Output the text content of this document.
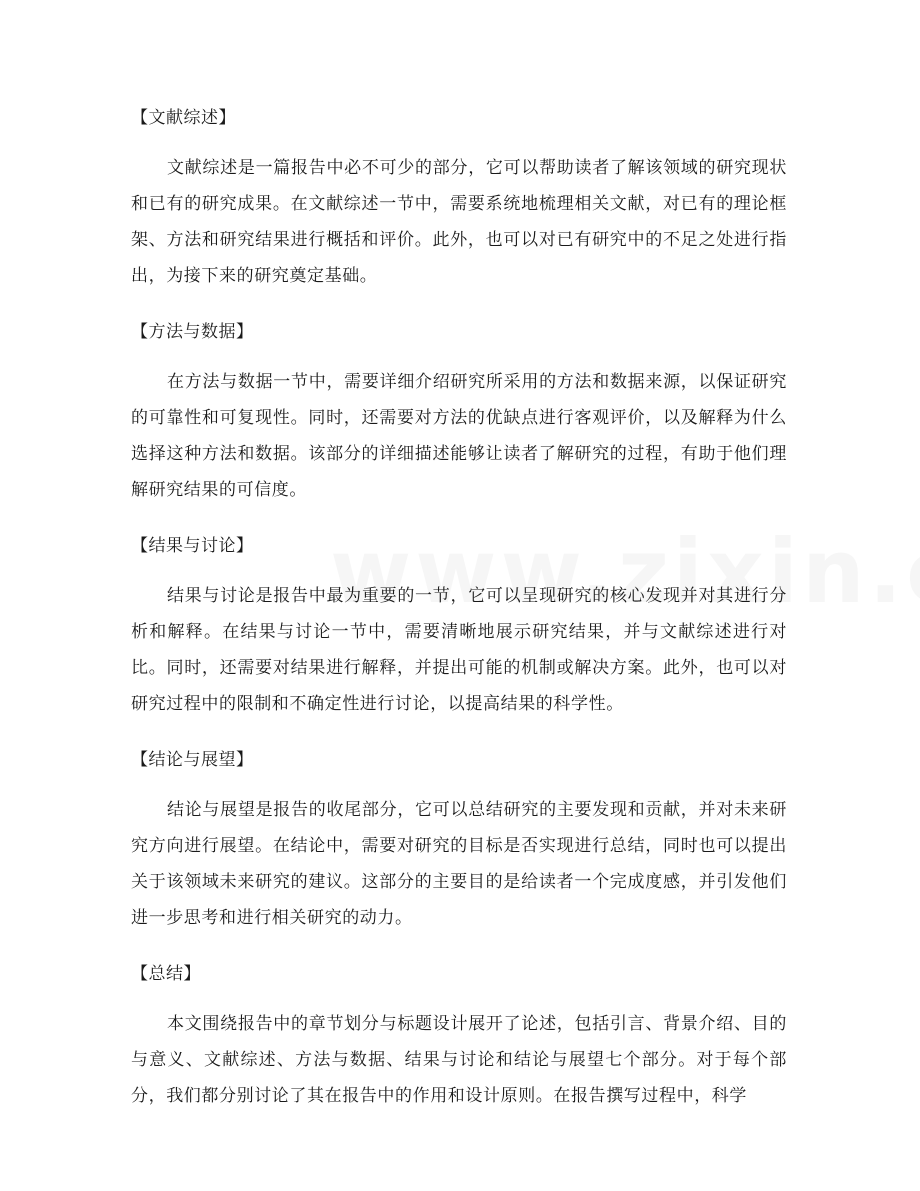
【文献综述】

文献综述是一篇报告中必不可少的部分，它可以帮助读者了解该领域的研究现状和已有的研究成果。在文献综述一节中，需要系统地梳理相关文献，对已有的理论框架、方法和研究结果进行概括和评价。此外，也可以对已有研究中的不足之处进行指出，为接下来的研究奠定基础。

【方法与数据】

在方法与数据一节中，需要详细介绍研究所采用的方法和数据来源，以保证研究的可靠性和可复现性。同时，还需要对方法的优缺点进行客观评价，以及解释为什么选择这种方法和数据。该部分的详细描述能够让读者了解研究的过程，有助于他们理解研究结果的可信度。

【结果与讨论】

结果与讨论是报告中最为重要的一节，它可以呈现研究的核心发现并对其进行分析和解释。在结果与讨论一节中，需要清晰地展示研究结果，并与文献综述进行对比。同时，还需要对结果进行解释，并提出可能的机制或解决方案。此外，也可以对研究过程中的限制和不确定性进行讨论，以提高结果的科学性。

【结论与展望】

结论与展望是报告的收尾部分，它可以总结研究的主要发现和贡献，并对未来研究方向进行展望。在结论中，需要对研究的目标是否实现进行总结，同时也可以提出关于该领域未来研究的建议。这部分的主要目的是给读者一个完成度感，并引发他们进一步思考和进行相关研究的动力。

【总结】

本文围绕报告中的章节划分与标题设计展开了论述，包括引言、背景介绍、目的与意义、文献综述、方法与数据、结果与讨论和结论与展望七个部分。对于每个部分，我们都分别讨论了其在报告中的作用和设计原则。在报告撰写过程中，科学
